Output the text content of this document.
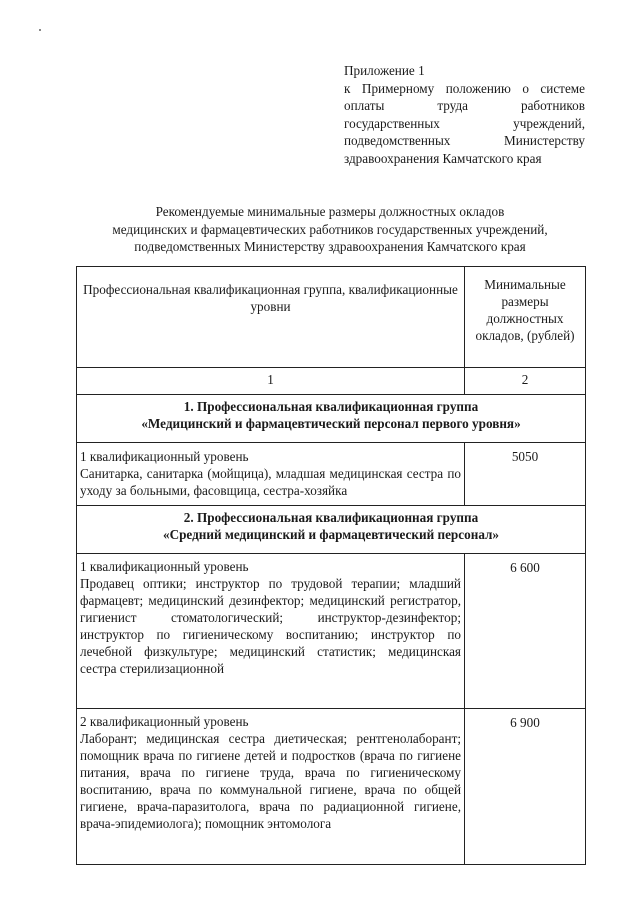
Приложение 1
к Примерному положению о системе
оплаты труда работников
государственных учреждений,
подведомственных Министерству
здравоохранения Камчатского края
Рекомендуемые минимальные размеры должностных окладов
медицинских и фармацевтических работников государственных учреждений,
подведомственных Министерству здравоохранения Камчатского края
Профессиональная квалификационная группа, квалификационные уровни	Минимальные размеры должностных окладов, (рублей)
1	2

1. Профессиональная квалификационная группа
«Медицинский и фармацевтический персонал первого уровня»	

1 квалификационный уровень
Санитарка, санитарка (мойщица), младшая медицинская сестра по уходу за больными, фасовщица, сестра-хозяйка	5050

2. Профессиональная квалификационная группа
«Средний медицинский и фармацевтический персонал»	

1 квалификационный уровень
Продавец оптики; инструктор по трудовой терапии; младший фармацевт; медицинский дезинфектор; медицинский регистратор, гигиенист стоматологический; инструктор-дезинфектор; инструктор по гигиеническому воспитанию; инструктор по лечебной физкультуре; медицинский статистик; медицинская сестра стерилизационной	6 600

2 квалификационный уровень
Лаборант; медицинская сестра диетическая; рентгенолаборант; помощник врача по гигиене детей и подростков (врача по гигиене питания, врача по гигиене труда, врача по гигиеническому воспитанию, врача по коммунальной гигиене, врача по общей гигиене, врача-паразитолога, врача по радиационной гигиене, врача-эпидемиолога); помощник энтомолога	6 900
